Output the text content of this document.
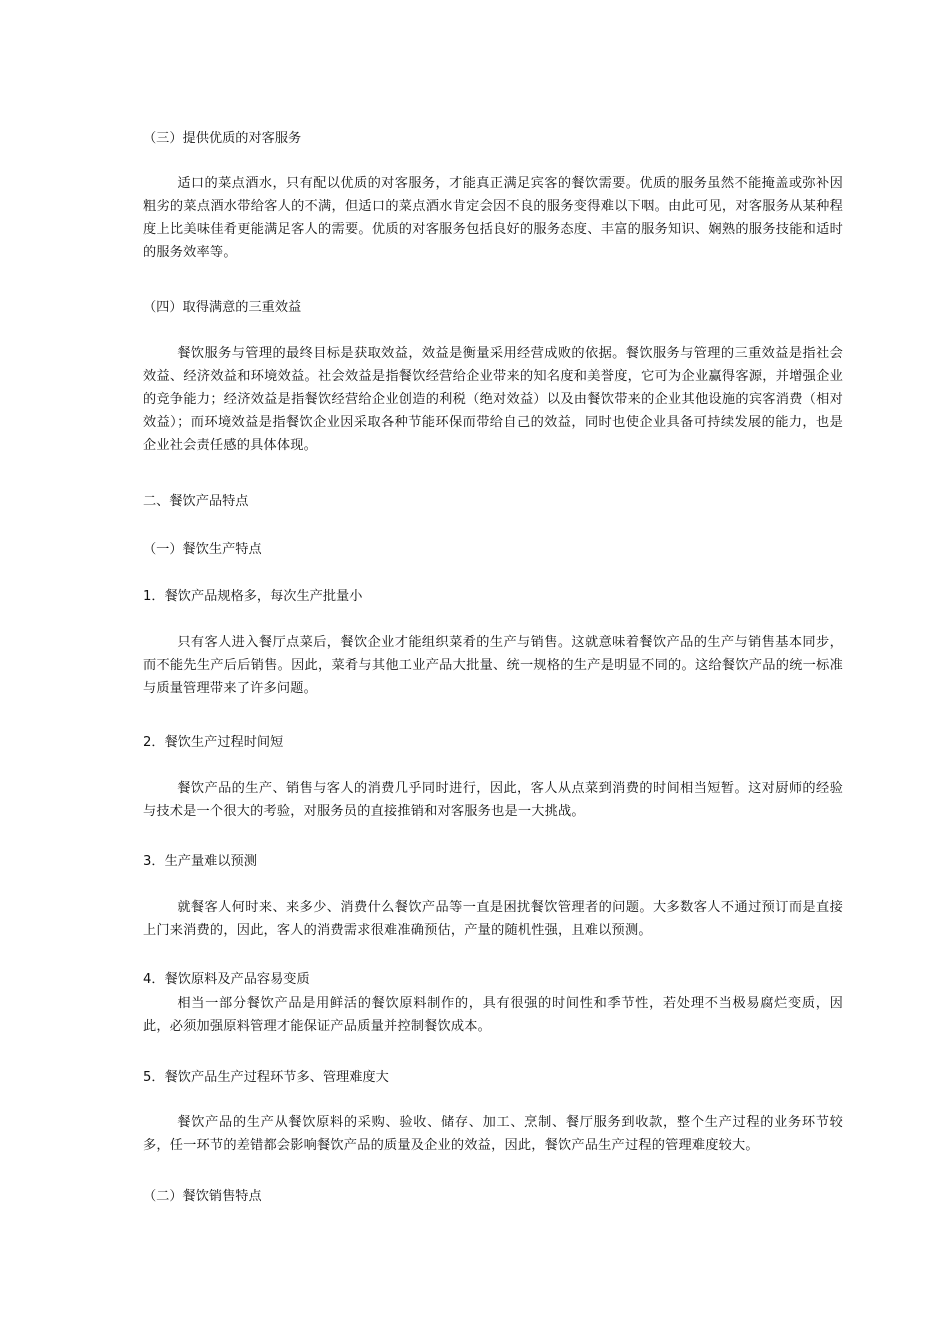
（三）提供优质的对客服务

适口的菜点酒水，只有配以优质的对客服务，才能真正满足宾客的餐饮需要。优质的服务虽然不能掩盖或弥补因粗劣的菜点酒水带给客人的不满，但适口的菜点酒水肯定会因不良的服务变得难以下咽。由此可见，对客服务从某种程度上比美味佳肴更能满足客人的需要。优质的对客服务包括良好的服务态度、丰富的服务知识、娴熟的服务技能和适时的服务效率等。

（四）取得满意的三重效益

餐饮服务与管理的最终目标是获取效益，效益是衡量采用经营成败的依据。餐饮服务与管理的三重效益是指社会效益、经济效益和环境效益。社会效益是指餐饮经营给企业带来的知名度和美誉度，它可为企业赢得客源，并增强企业的竞争能力；经济效益是指餐饮经营给企业创造的利税（绝对效益）以及由餐饮带来的企业其他设施的宾客消费（相对效益）；而环境效益是指餐饮企业因采取各种节能环保而带给自己的效益，同时也使企业具备可持续发展的能力，也是企业社会责任感的具体体现。

二、餐饮产品特点

（一）餐饮生产特点

1．餐饮产品规格多，每次生产批量小

只有客人进入餐厅点菜后，餐饮企业才能组织菜肴的生产与销售。这就意味着餐饮产品的生产与销售基本同步，而不能先生产后后销售。因此，菜肴与其他工业产品大批量、统一规格的生产是明显不同的。这给餐饮产品的统一标准与质量管理带来了许多问题。

2．餐饮生产过程时间短

餐饮产品的生产、销售与客人的消费几乎同时进行，因此，客人从点菜到消费的时间相当短暂。这对厨师的经验与技术是一个很大的考验，对服务员的直接推销和对客服务也是一大挑战。

3．生产量难以预测

就餐客人何时来、来多少、消费什么餐饮产品等一直是困扰餐饮管理者的问题。大多数客人不通过预订而是直接上门来消费的，因此，客人的消费需求很难准确预估，产量的随机性强，且难以预测。

4．餐饮原料及产品容易变质

相当一部分餐饮产品是用鲜活的餐饮原料制作的，具有很强的时间性和季节性，若处理不当极易腐烂变质，因此，必须加强原料管理才能保证产品质量并控制餐饮成本。

5．餐饮产品生产过程环节多、管理难度大

餐饮产品的生产从餐饮原料的采购、验收、储存、加工、烹制、餐厅服务到收款，整个生产过程的业务环节较多，任一环节的差错都会影响餐饮产品的质量及企业的效益，因此，餐饮产品生产过程的管理难度较大。

（二）餐饮销售特点
